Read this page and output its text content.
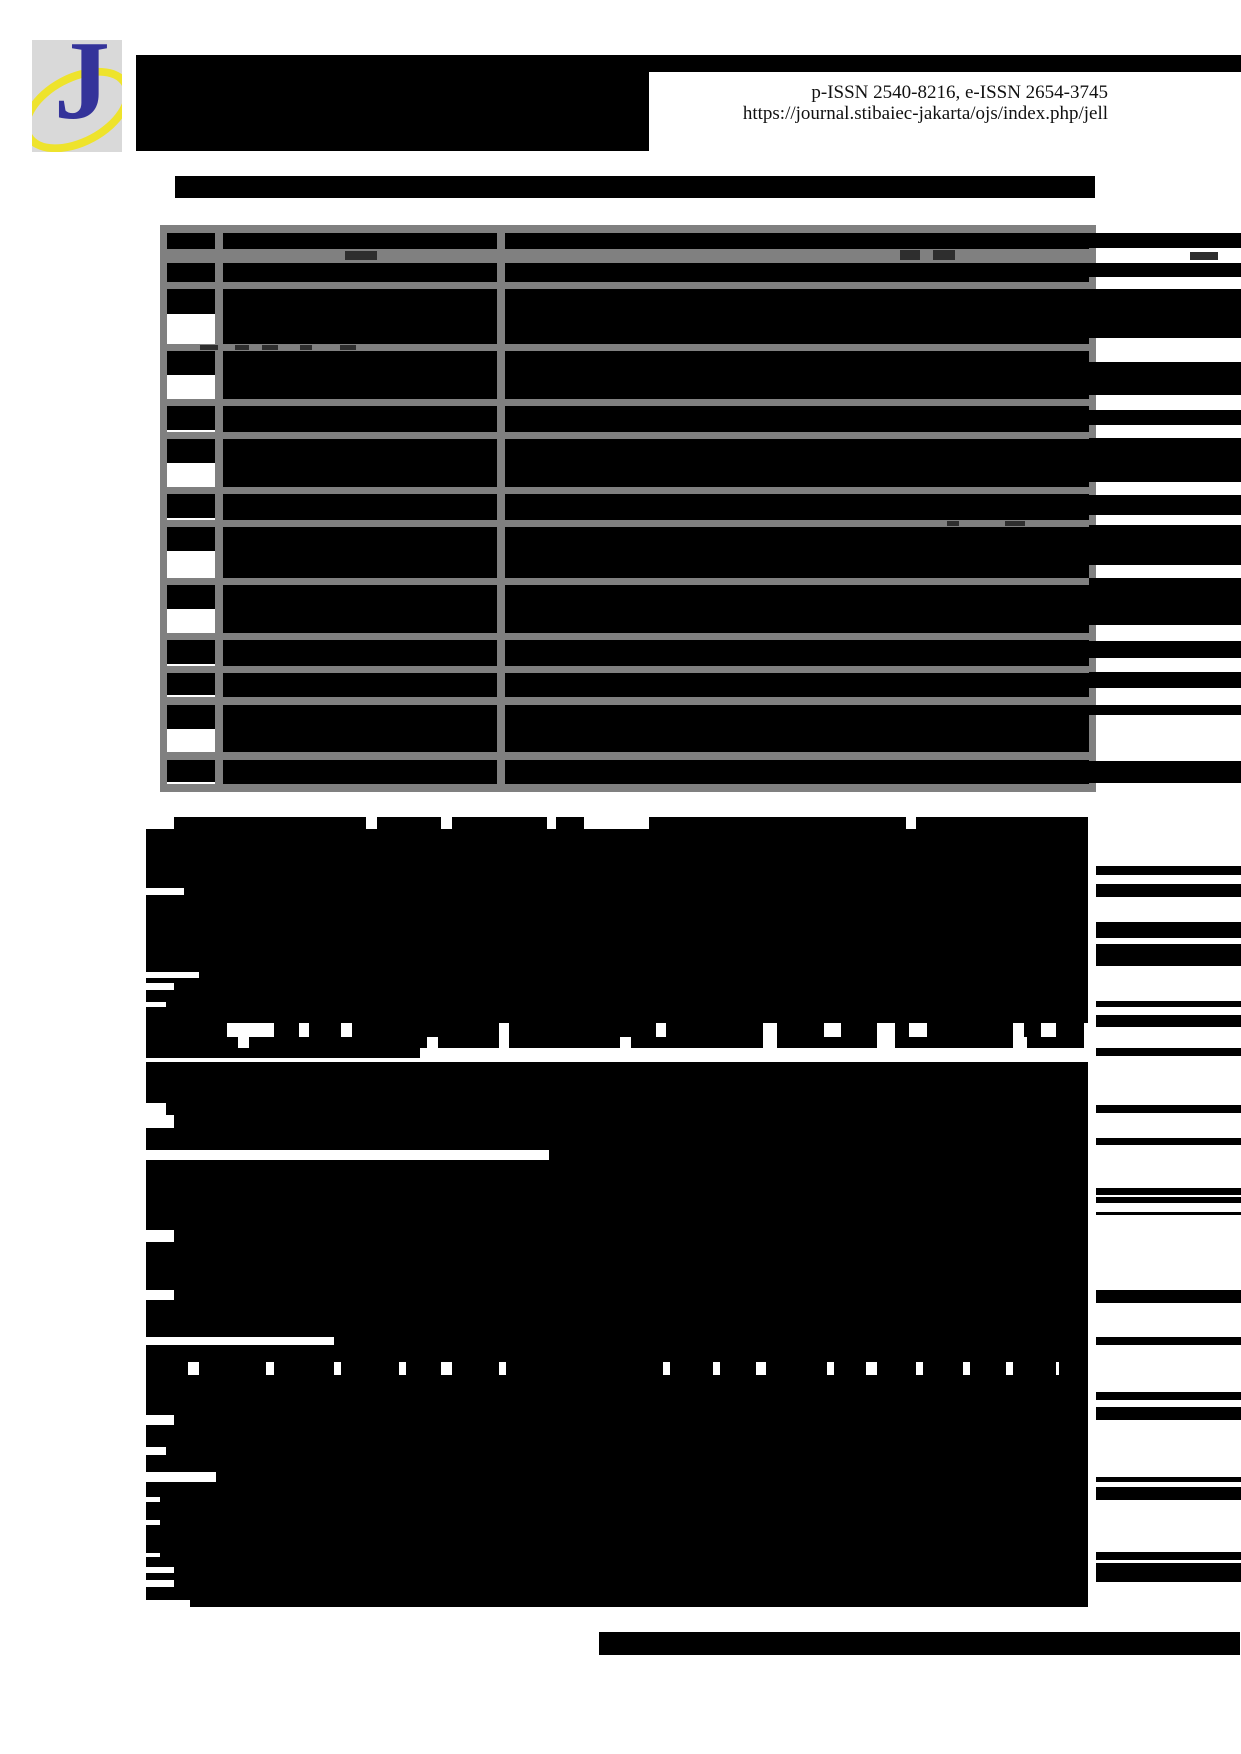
J	p-ISSN 2540-8216, e-ISSN 2654-3745
https://journal.stibaiec-jakarta/ojs/index.php/jell
